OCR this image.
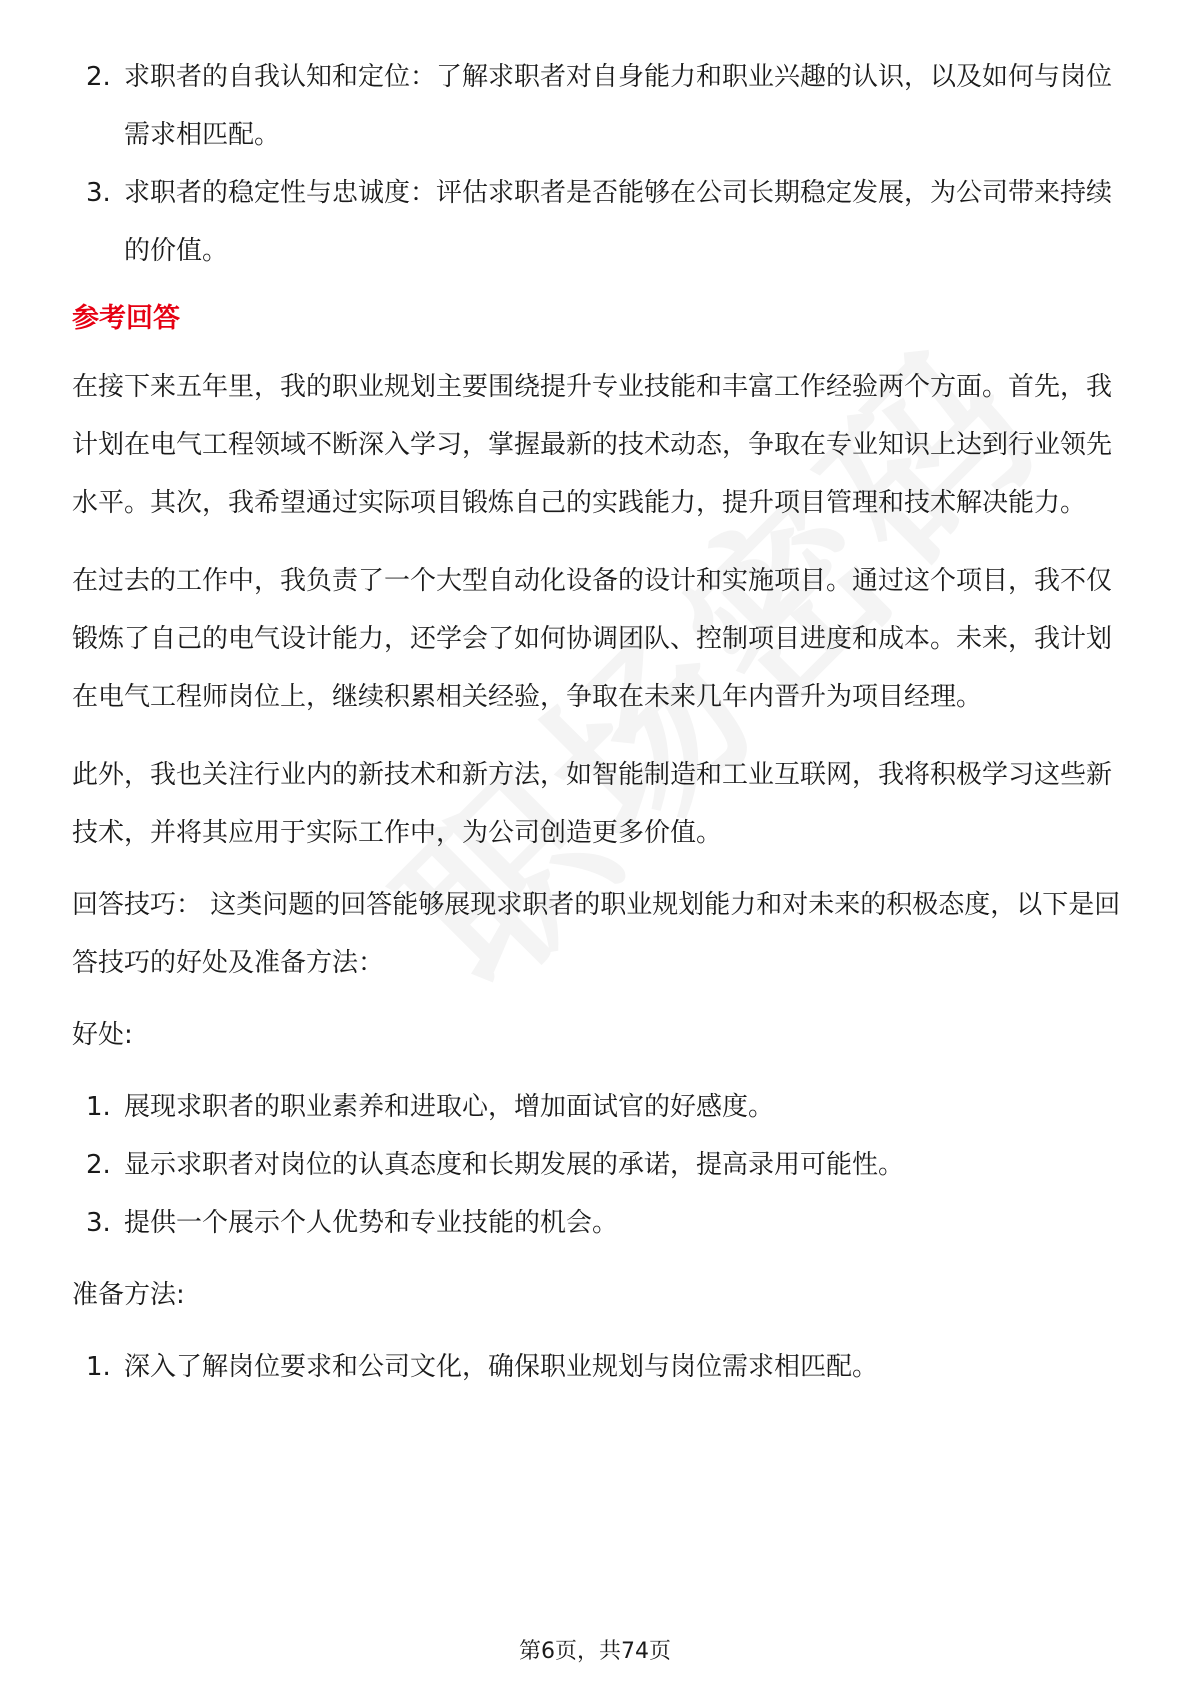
2. 求职者的自我认知和定位：了解求职者对自身能力和职业兴趣的认识，以及如何与岗位需求相匹配。
3. 求职者的稳定性与忠诚度：评估求职者是否能够在公司长期稳定发展，为公司带来持续的价值。
参考回答

在接下来五年里，我的职业规划主要围绕提升专业技能和丰富工作经验两个方面。首先，我计划在电气工程领域不断深入学习，掌握最新的技术动态，争取在专业知识上达到行业领先水平。其次，我希望通过实际项目锻炼自己的实践能力，提升项目管理和技术解决能力。

在过去的工作中，我负责了一个大型自动化设备的设计和实施项目。通过这个项目，我不仅锻炼了自己的电气设计能力，还学会了如何协调团队、控制项目进度和成本。未来，我计划在电气工程师岗位上，继续积累相关经验，争取在未来几年内晋升为项目经理。

此外，我也关注行业内的新技术和新方法，如智能制造和工业互联网，我将积极学习这些新技术，并将其应用于实际工作中，为公司创造更多价值。

回答技巧： 这类问题的回答能够展现求职者的职业规划能力和对未来的积极态度，以下是回答技巧的好处及准备方法：

好处:

1. 展现求职者的职业素养和进取心，增加面试官的好感度。
2. 显示求职者对岗位的认真态度和长期发展的承诺，提高录用可能性。
3. 提供一个展示个人优势和专业技能的机会。

准备方法:

1. 深入了解岗位要求和公司文化，确保职业规划与岗位需求相匹配。
第6页，共74页
